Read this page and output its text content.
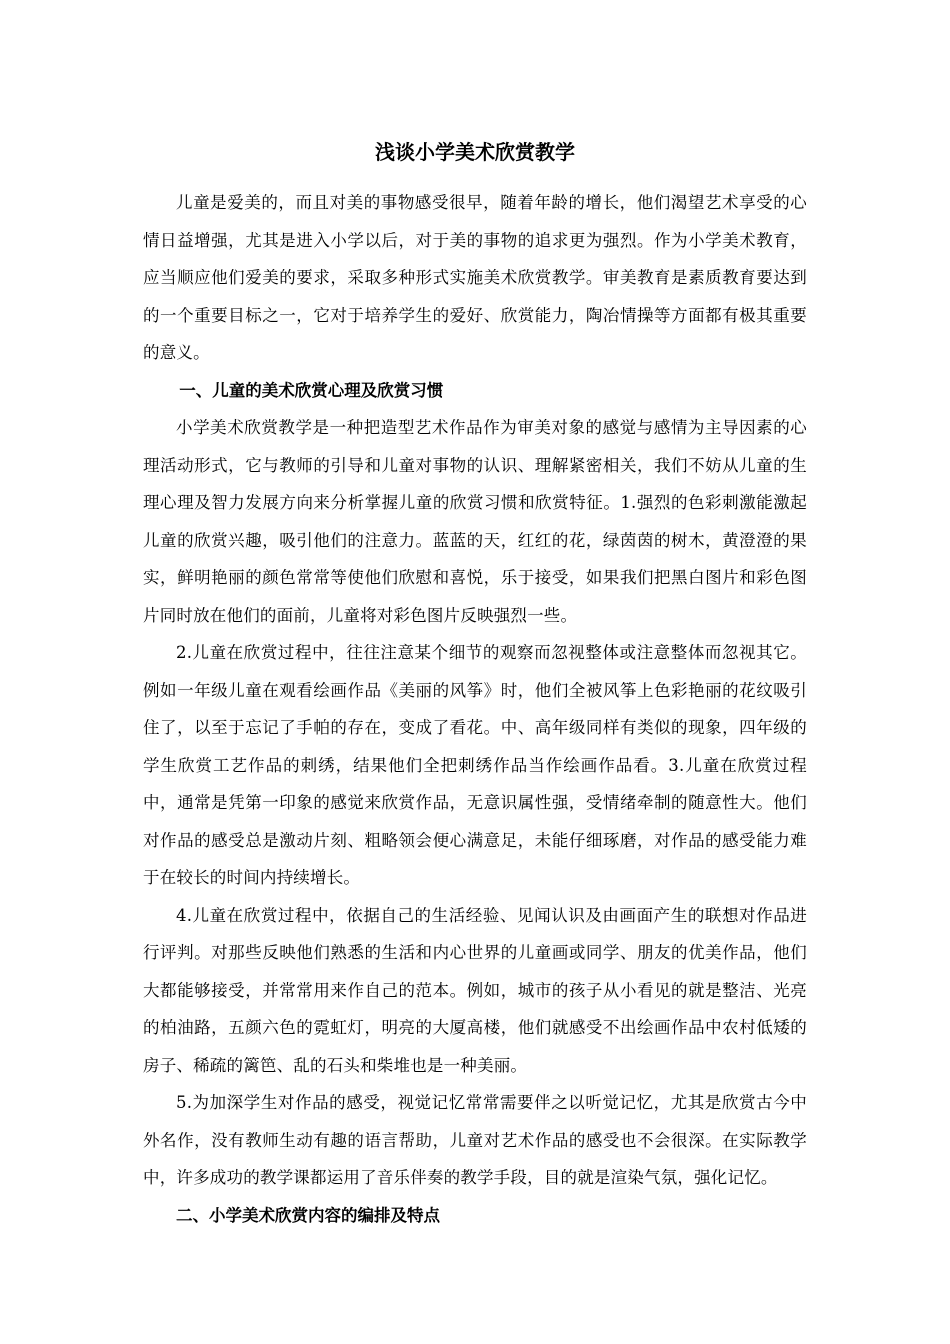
浅谈小学美术欣赏教学

儿童是爱美的，而且对美的事物感受很早，随着年龄的增长，他们渴望艺术享受的心情日益增强，尤其是进入小学以后，对于美的事物的追求更为强烈。作为小学美术教育，应当顺应他们爱美的要求，采取多种形式实施美术欣赏教学。审美教育是素质教育要达到的一个重要目标之一，它对于培养学生的爱好、欣赏能力，陶冶情操等方面都有极其重要的意义。

一、儿童的美术欣赏心理及欣赏习惯

小学美术欣赏教学是一种把造型艺术作品作为审美对象的感觉与感情为主导因素的心理活动形式，它与教师的引导和儿童对事物的认识、理解紧密相关，我们不妨从儿童的生理心理及智力发展方向来分析掌握儿童的欣赏习惯和欣赏特征。1.强烈的色彩刺激能激起儿童的欣赏兴趣，吸引他们的注意力。蓝蓝的天，红红的花，绿茵茵的树木，黄澄澄的果实，鲜明艳丽的颜色常常等使他们欣慰和喜悦，乐于接受，如果我们把黑白图片和彩色图片同时放在他们的面前，儿童将对彩色图片反映强烈一些。

2.儿童在欣赏过程中，往往注意某个细节的观察而忽视整体或注意整体而忽视其它。例如一年级儿童在观看绘画作品《美丽的风筝》时，他们全被风筝上色彩艳丽的花纹吸引住了，以至于忘记了手帕的存在，变成了看花。中、高年级同样有类似的现象，四年级的学生欣赏工艺作品的刺绣，结果他们全把刺绣作品当作绘画作品看。3.儿童在欣赏过程中，通常是凭第一印象的感觉来欣赏作品，无意识属性强，受情绪牵制的随意性大。他们对作品的感受总是激动片刻、粗略领会便心满意足，未能仔细琢磨，对作品的感受能力难于在较长的时间内持续增长。

4.儿童在欣赏过程中，依据自己的生活经验、见闻认识及由画面产生的联想对作品进行评判。对那些反映他们熟悉的生活和内心世界的儿童画或同学、朋友的优美作品，他们大都能够接受，并常常用来作自己的范本。例如，城市的孩子从小看见的就是整洁、光亮的柏油路，五颜六色的霓虹灯，明亮的大厦高楼，他们就感受不出绘画作品中农村低矮的房子、稀疏的篱笆、乱的石头和柴堆也是一种美丽。

5.为加深学生对作品的感受，视觉记忆常常需要伴之以听觉记忆，尤其是欣赏古今中外名作，没有教师生动有趣的语言帮助，儿童对艺术作品的感受也不会很深。在实际教学中，许多成功的教学课都运用了音乐伴奏的教学手段，目的就是渲染气氛，强化记忆。

二、小学美术欣赏内容的编排及特点
